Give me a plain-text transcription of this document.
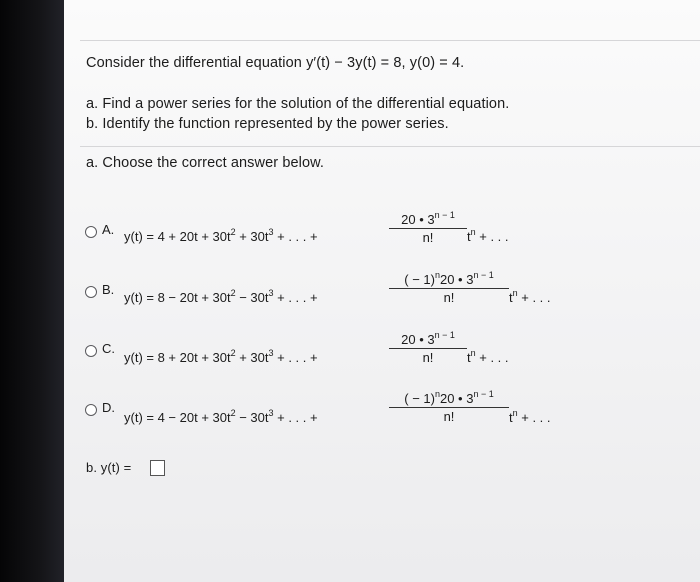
Consider the differential equation y′(t) − 3y(t) = 8, y(0) = 4.
a. Find a power series for the solution of the differential equation.
b. Identify the function represented by the power series.
a. Choose the correct answer below.
A. $y(t) = 4 + 20t + 30t^2 + 30t^3$ + . . . +
20 • $3^{n - 1}$
n!	$t^n$ + . . .
B.
$y(t) = 8 - 20t + 30t^2 - 30t^3$ + . . . +
( − 1)$^n$20 • $3^{n - 1}$
n!	$t^n$ + . . .
C.
$y(t) = 8 + 20t + 30t^2 + 30t^3$ + . . . +
20 • $3^{n - 1}$
n!	$t^n$ + . . .
D.
$y(t) = 4 - 20t + 30t^2 - 30t^3$ + . . . +
( − 1)$^n$20 • $3^{n - 1}$
n!	$t^n$ + . . .
b. y(t) =
